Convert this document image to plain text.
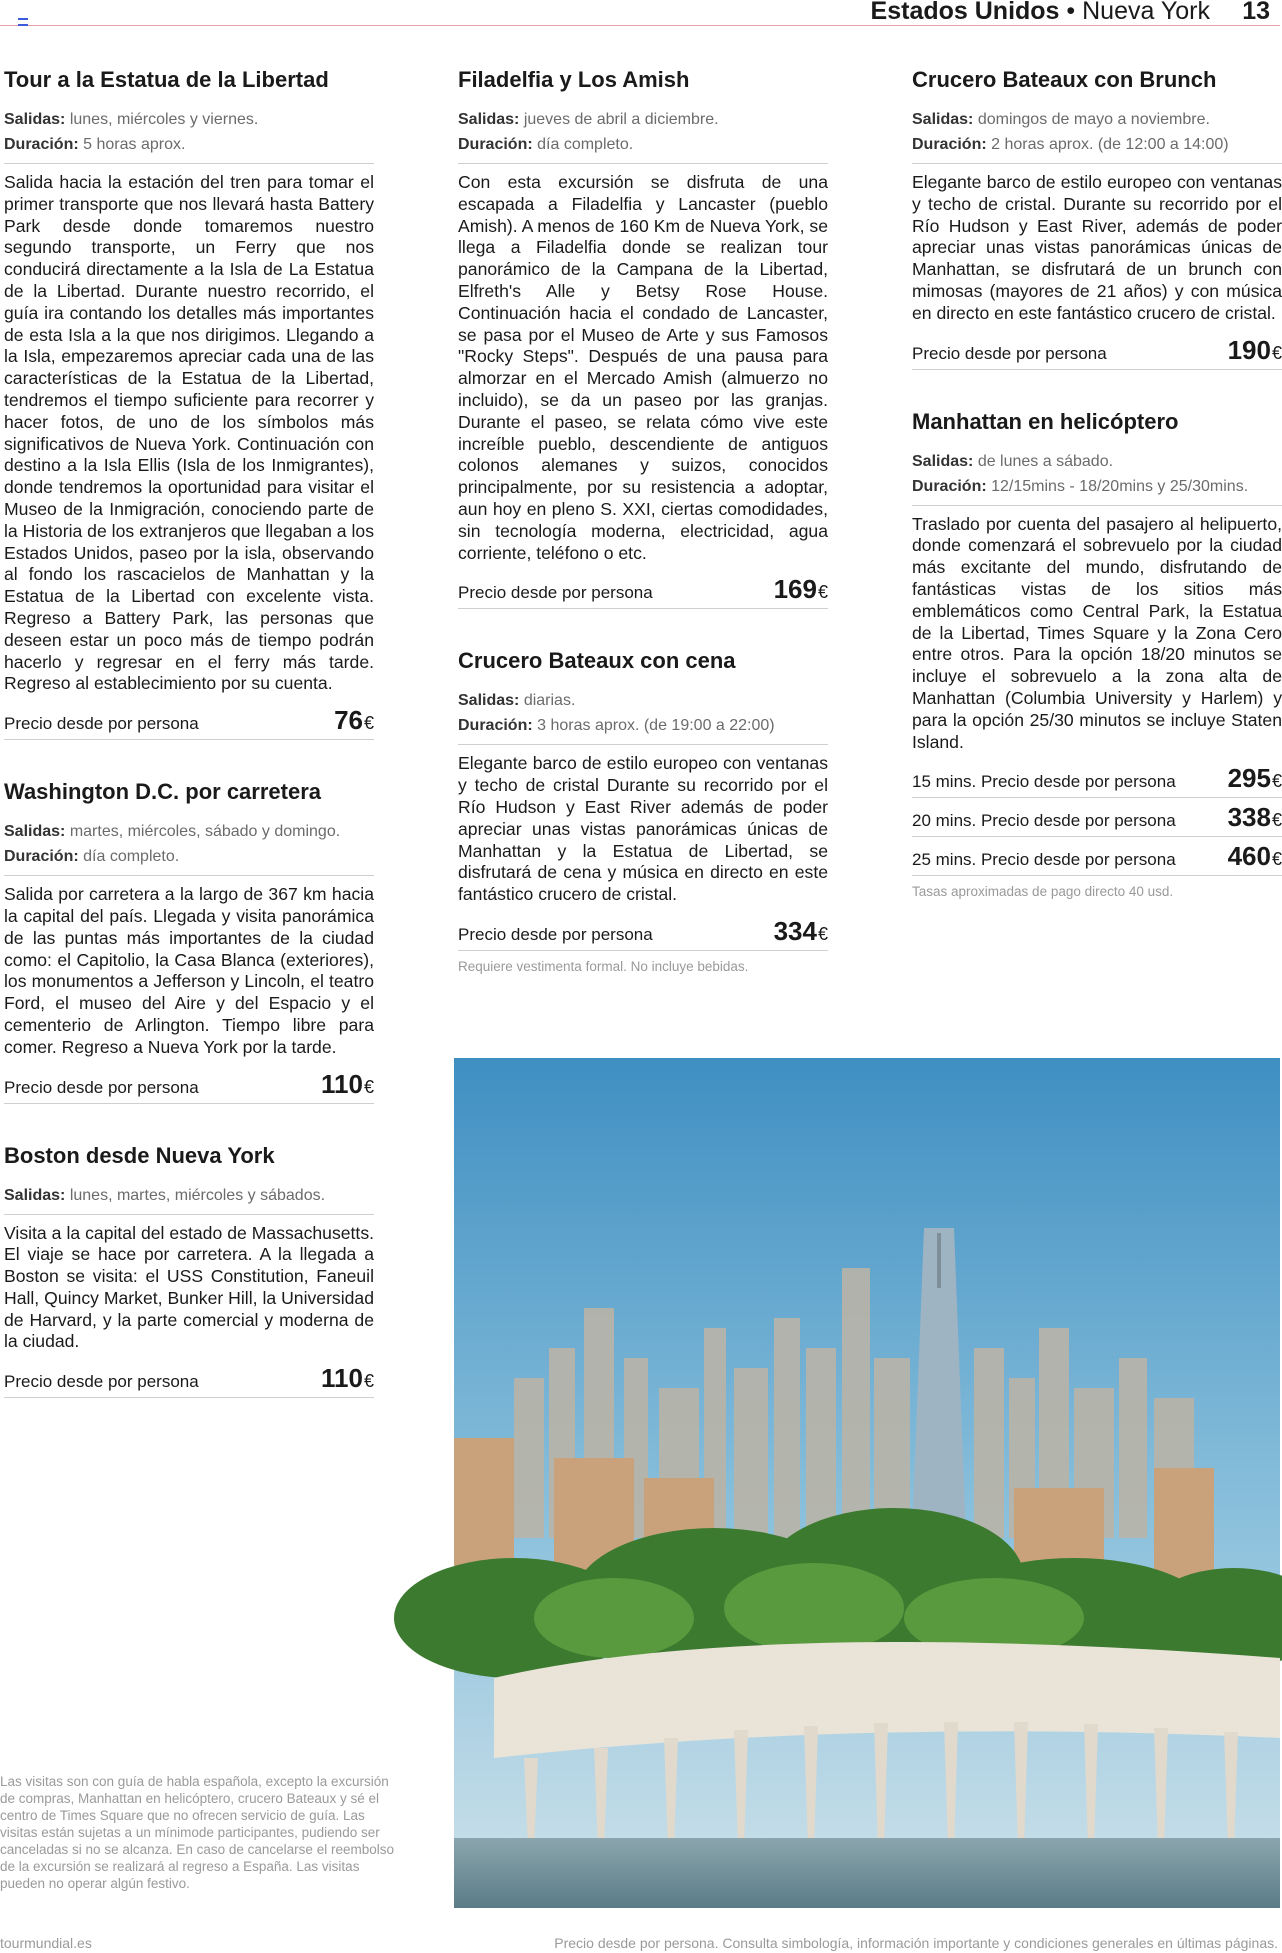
Estados Unidos • Nueva York 13
Tour a la Estatua de la Libertad
Salidas: lunes, miércoles y viernes.
Duración: 5 horas aprox.

Salida hacia la estación del tren para tomar el primer transporte que nos llevará hasta Battery Park desde donde tomaremos nuestro segundo transporte, un Ferry que nos conducirá directamente a la Isla de La Estatua de la Libertad. Durante nuestro recorrido, el guía ira contando los detalles más importantes de esta Isla a la que nos dirigimos. Llegando a la Isla, empezaremos apreciar cada una de las características de la Estatua de la Libertad, tendremos el tiempo suficiente para recorrer y hacer fotos, de uno de los símbolos más significativos de Nueva York. Continuación con destino a la Isla Ellis (Isla de los Inmigrantes), donde tendremos la oportunidad para visitar el Museo de la Inmigración, conociendo parte de la Historia de los extranjeros que llegaban a los Estados Unidos, paseo por la isla, observando al fondo los rascacielos de Manhattan y la Estatua de la Libertad con excelente vista. Regreso a Battery Park, las personas que deseen estar un poco más de tiempo podrán hacerlo y regresar en el ferry más tarde. Regreso al establecimiento por su cuenta.

Precio desde por persona	76€
Washington D.C. por carretera
Salidas: martes, miércoles, sábado y domingo.
Duración: día completo.

Salida por carretera a la largo de 367 km hacia la capital del país. Llegada y visita panorámica de las puntas más importantes de la ciudad como: el Capitolio, la Casa Blanca (exteriores), los monumentos a Jefferson y Lincoln, el teatro Ford, el museo del Aire y del Espacio y el cementerio de Arlington. Tiempo libre para comer. Regreso a Nueva York por la tarde.

Precio desde por persona	110€
Boston desde Nueva York
Salidas: lunes, martes, miércoles y sábados.

Visita a la capital del estado de Massachusetts. El viaje se hace por carretera. A la llegada a Boston se visita: el USS Constitution, Faneuil Hall, Quincy Market, Bunker Hill, la Universidad de Harvard, y la parte comercial y moderna de la ciudad.

Precio desde por persona	110€
Filadelfia y Los Amish
Salidas: jueves de abril a diciembre.
Duración: día completo.

Con esta excursión se disfruta de una escapada a Filadelfia y Lancaster (pueblo Amish). A menos de 160 Km de Nueva York, se llega a Filadelfia donde se realizan tour panorámico de la Campana de la Libertad, Elfreth's Alle y Betsy Rose House. Continuación hacia el condado de Lancaster, se pasa por el Museo de Arte y sus Famosos "Rocky Steps". Después de una pausa para almorzar en el Mercado Amish (almuerzo no incluido), se da un paseo por las granjas. Durante el paseo, se relata cómo vive este increíble pueblo, descendiente de antiguos colonos alemanes y suizos, conocidos principalmente, por su resistencia a adoptar, aun hoy en pleno S. XXI, ciertas comodidades, sin tecnología moderna, electricidad, agua corriente, teléfono o etc.

Precio desde por persona	169€
Crucero Bateaux con cena
Salidas: diarias.
Duración: 3 horas aprox. (de 19:00 a 22:00)

Elegante barco de estilo europeo con ventanas y techo de cristal Durante su recorrido por el Río Hudson y East River además de poder apreciar unas vistas panorámicas únicas de Manhattan y la Estatua de Libertad, se disfrutará de cena y música en directo en este fantástico crucero de cristal.

Precio desde por persona	334€
Requiere vestimenta formal. No incluye bebidas.
Crucero Bateaux con Brunch
Salidas: domingos de mayo a noviembre.
Duración: 2 horas aprox. (de 12:00 a 14:00)

Elegante barco de estilo europeo con ventanas y techo de cristal. Durante su recorrido por el Río Hudson y East River, además de poder apreciar unas vistas panorámicas únicas de Manhattan, se disfrutará de un brunch con mimosas (mayores de 21 años) y con música en directo en este fantástico crucero de cristal.

Precio desde por persona	190€
Manhattan en helicóptero
Salidas: de lunes a sábado.
Duración: 12/15mins - 18/20mins y 25/30mins.

Traslado por cuenta del pasajero al helipuerto, donde comenzará el sobrevuelo por la ciudad más excitante del mundo, disfrutando de fantásticas vistas de los sitios más emblemáticos como Central Park, la Estatua de la Libertad, Times Square y la Zona Cero entre otros. Para la opción 18/20 minutos se incluye el sobrevuelo a la zona alta de Manhattan (Columbia University y Harlem) y para la opción 25/30 minutos se incluye Staten Island.

15 mins. Precio desde por persona 295€
20 mins. Precio desde por persona 338€
25 mins. Precio desde por persona 460€
Tasas aproximadas de pago directo 40 usd.
Las visitas son con guía de habla española, excepto la excursión de compras, Manhattan en helicóptero, crucero Bateaux y sé el centro de Times Square que no ofrecen servicio de guía. Las visitas están sujetas a un mínimode participantes, pudiendo ser canceladas si no se alcanza. En caso de cancelarse el reembolso de la excursión se realizará al regreso a España. Las visitas pueden no operar algún festivo.
tourmundial.es	Precio desde por persona. Consulta simbología, información importante y condiciones generales en últimas páginas.
